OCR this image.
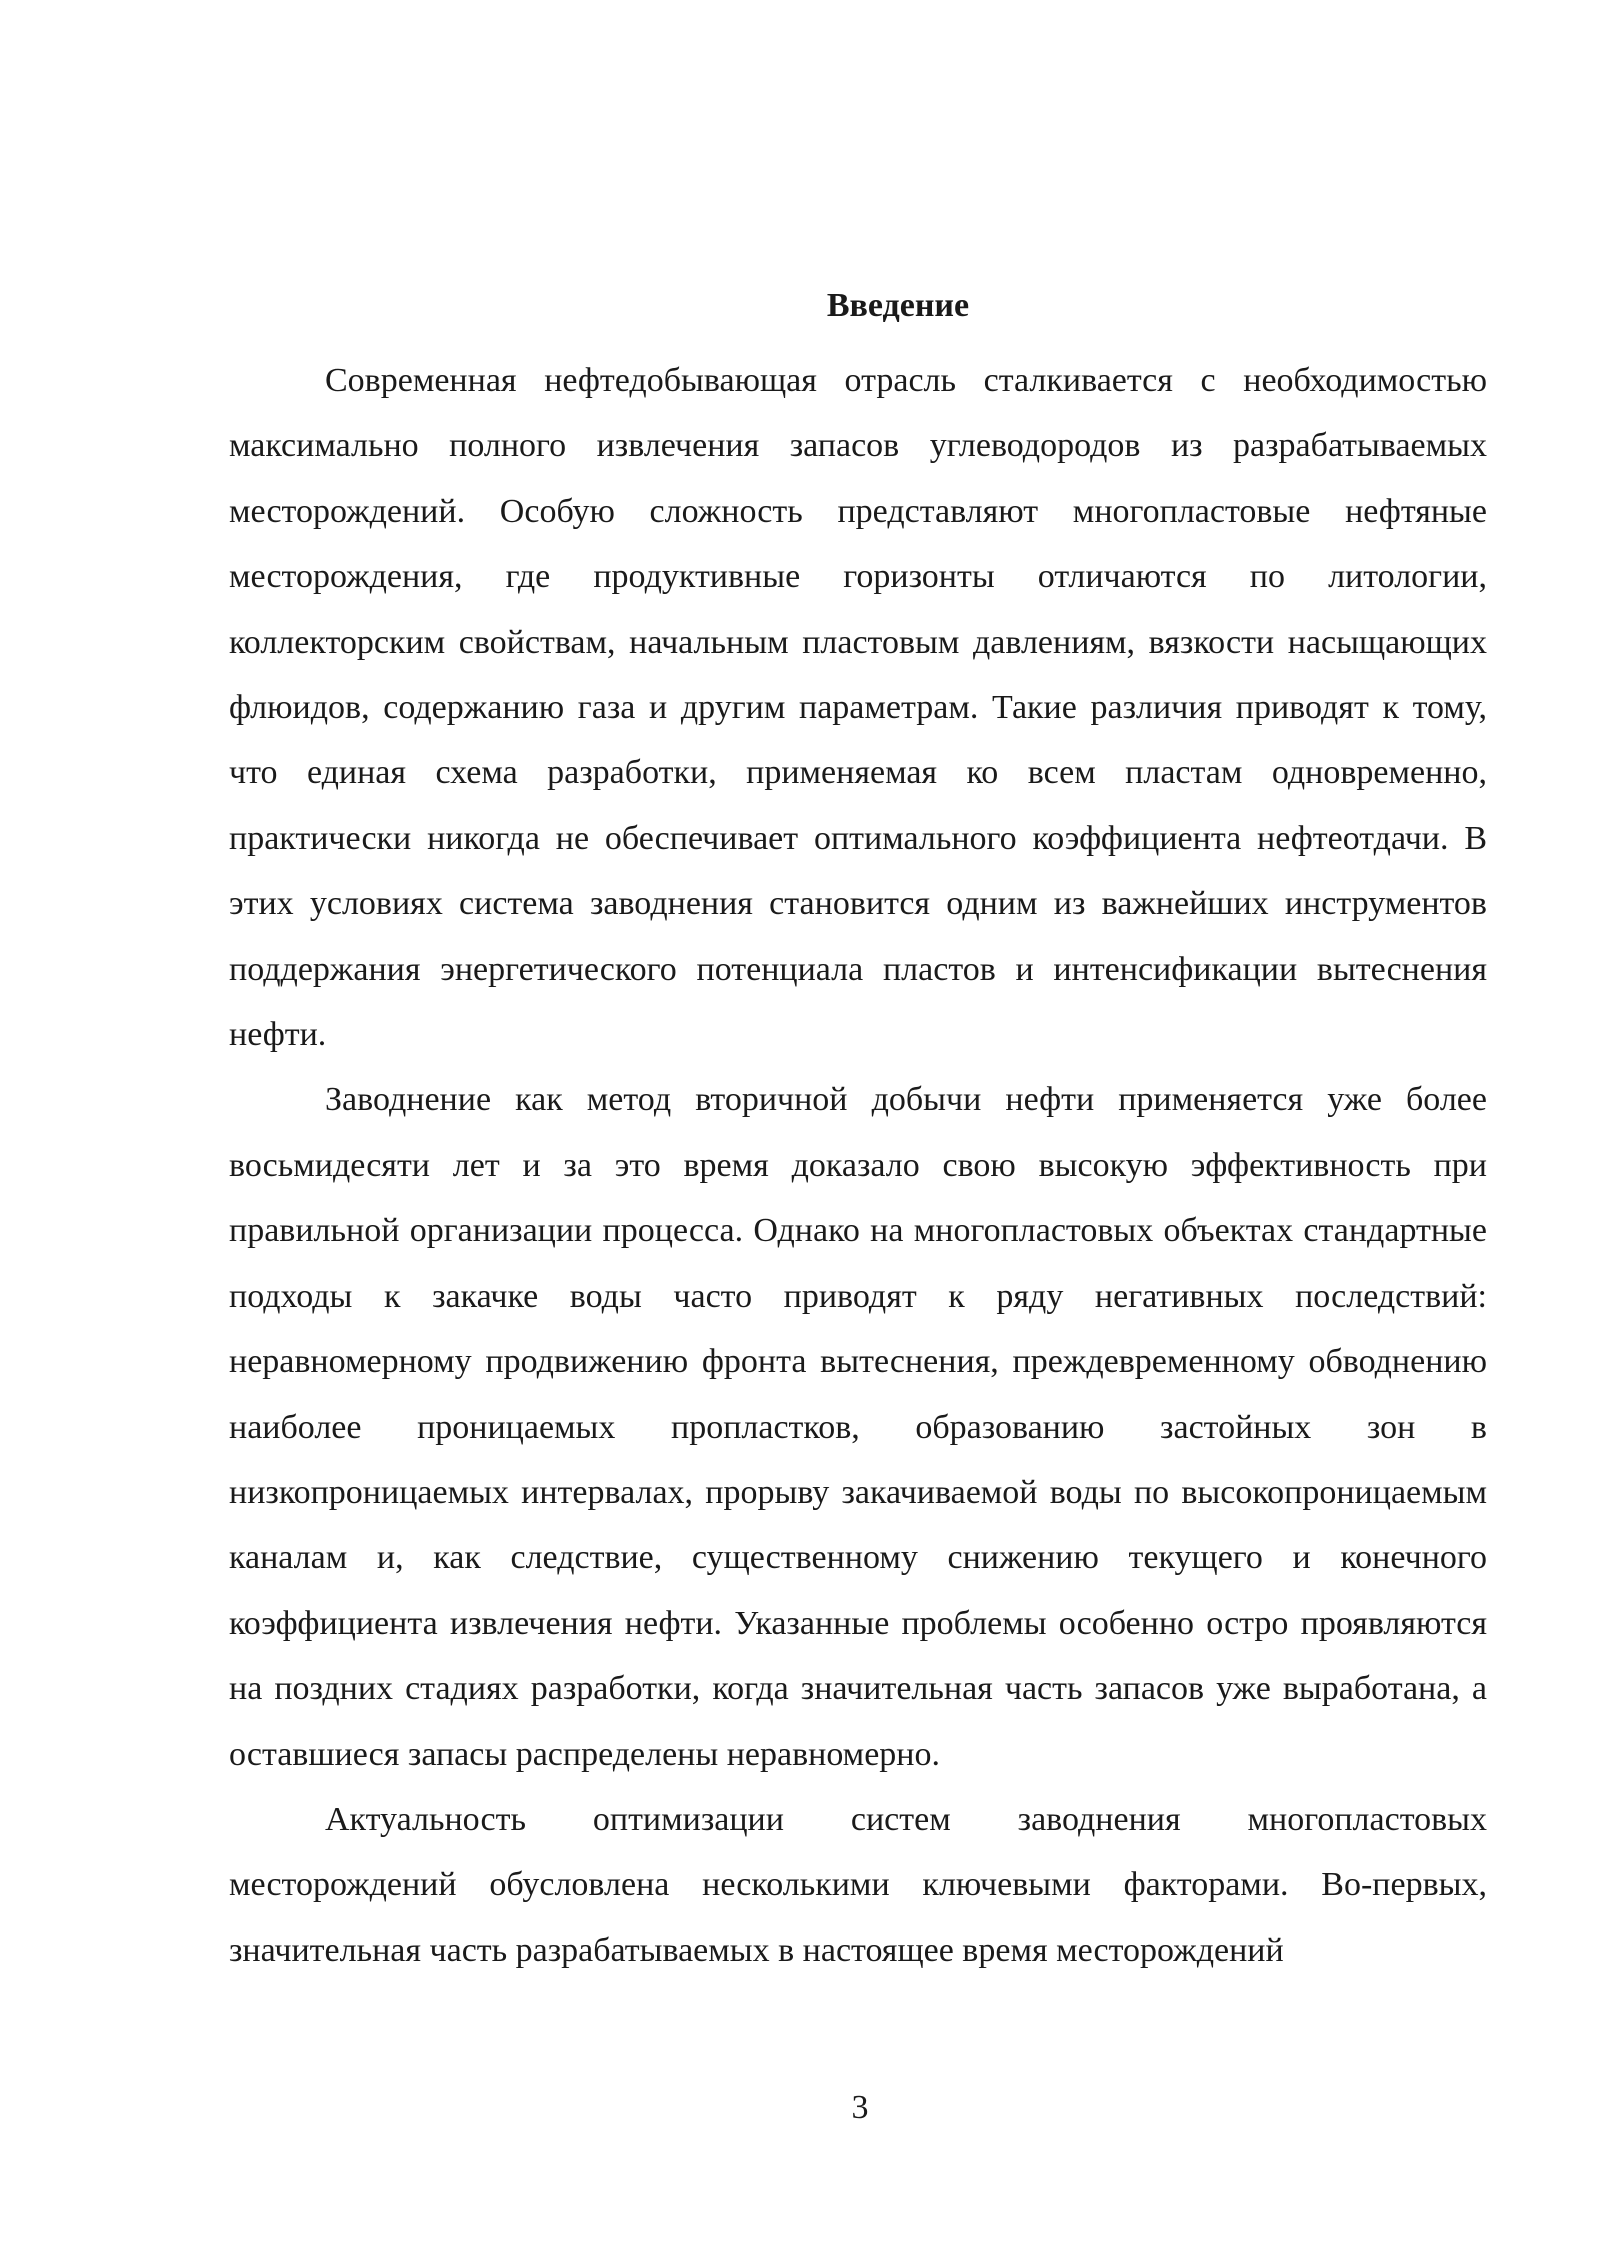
Введение

Современная нефтедобывающая отрасль сталкивается с необходимостью максимально полного извлечения запасов углеводородов из разрабатываемых месторождений. Особую сложность представляют многопластовые нефтяные месторождения, где продуктивные горизонты отличаются по литологии, коллекторским свойствам, начальным пластовым давлениям, вязкости насыщающих флюидов, содержанию газа и другим параметрам. Такие различия приводят к тому, что единая схема разработки, применяемая ко всем пластам одновременно, практически никогда не обеспечивает оптимального коэффициента нефтеотдачи. В этих условиях система заводнения становится одним из важнейших инструментов поддержания энергетического потенциала пластов и интенсификации вытеснения нефти.

Заводнение как метод вторичной добычи нефти применяется уже более восьмидесяти лет и за это время доказало свою высокую эффективность при правильной организации процесса. Однако на многопластовых объектах стандартные подходы к закачке воды часто приводят к ряду негативных последствий: неравномерному продвижению фронта вытеснения, преждевременному обводнению наиболее проницаемых пропластков, образованию застойных зон в низкопроницаемых интервалах, прорыву закачиваемой воды по высокопроницаемым каналам и, как следствие, существенному снижению текущего и конечного коэффициента извлечения нефти. Указанные проблемы особенно остро проявляются на поздних стадиях разработки, когда значительная часть запасов уже выработана, а оставшиеся запасы распределены неравномерно.

Актуальность оптимизации систем заводнения многопластовых месторождений обусловлена несколькими ключевыми факторами. Во-первых, значительная часть разрабатываемых в настоящее время месторождений

3
